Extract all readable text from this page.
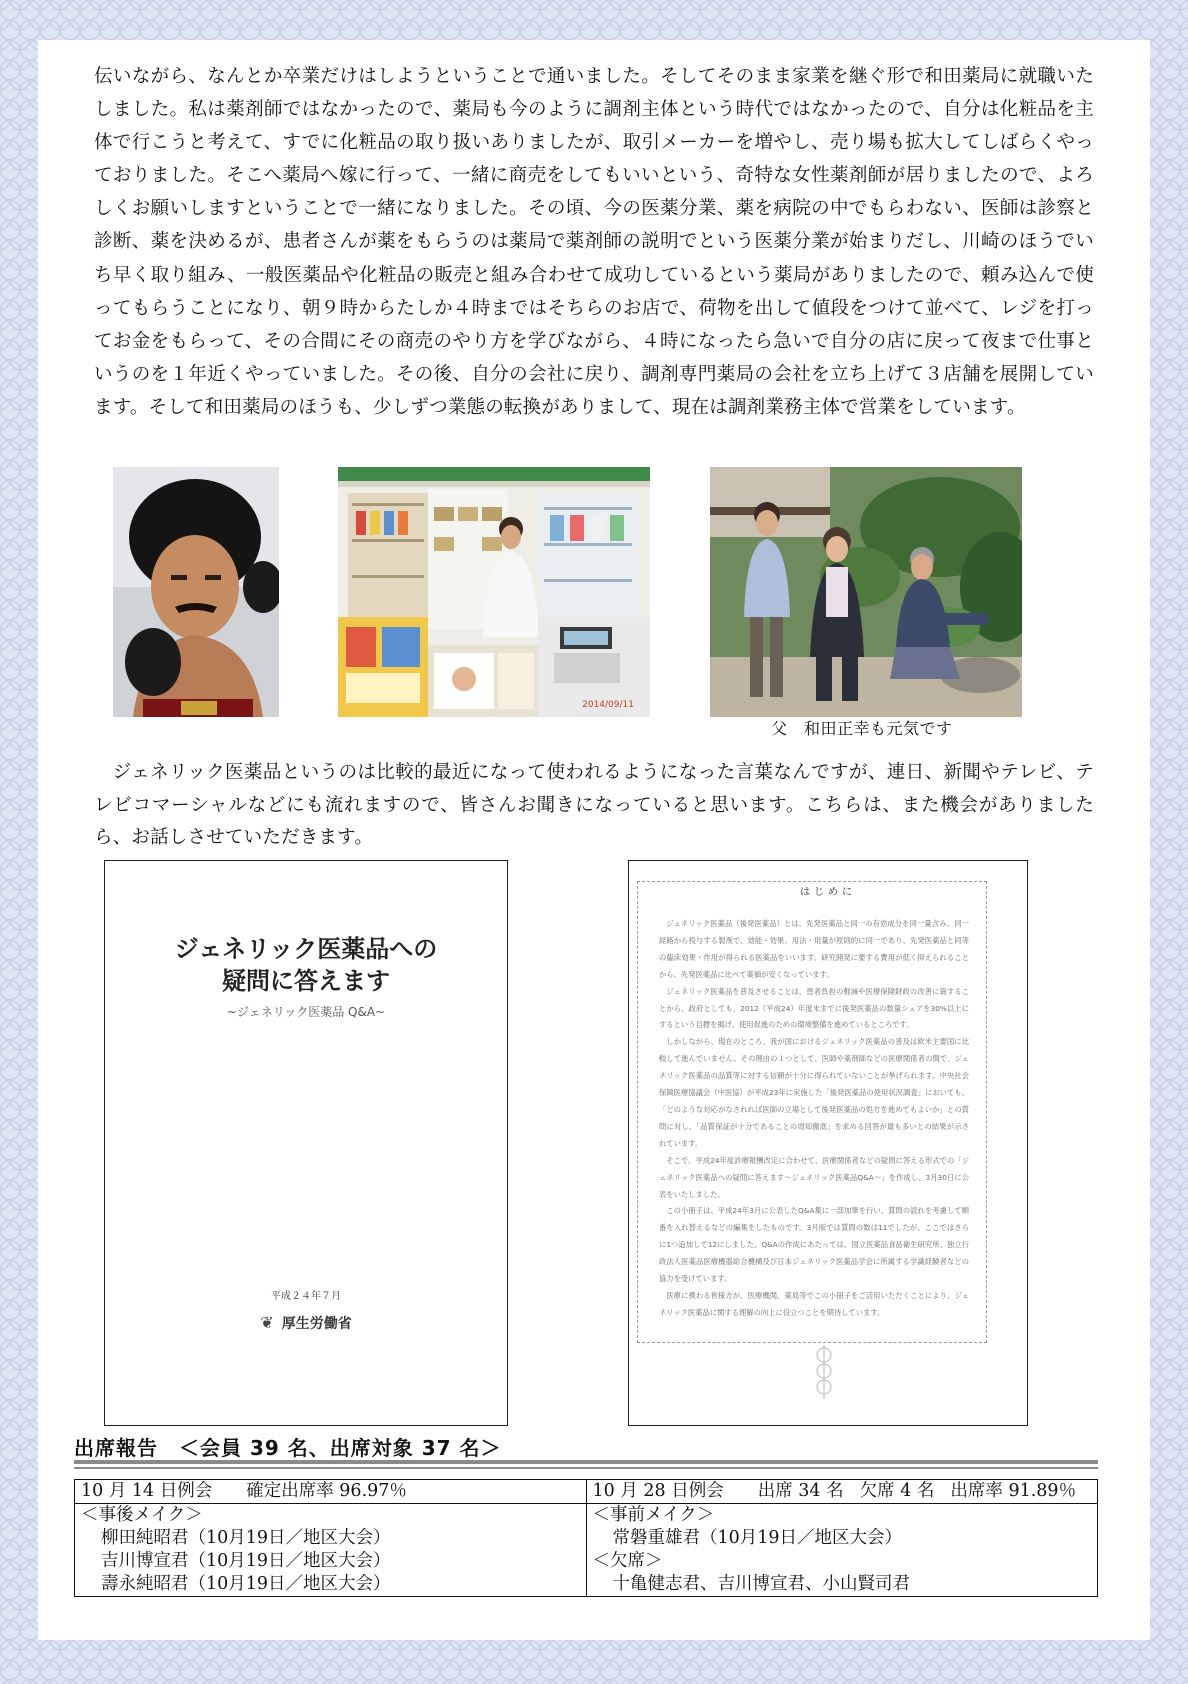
伝いながら、なんとか卒業だけはしようということで通いました。そしてそのまま家業を継ぐ形で和田薬局に就職いたしました。私は薬剤師ではなかったので、薬局も今のように調剤主体という時代ではなかったので、自分は化粧品を主体で行こうと考えて、すでに化粧品の取り扱いありましたが、取引メーカーを増やし、売り場も拡大してしばらくやっておりました。そこへ薬局へ嫁に行って、一緒に商売をしてもいいという、奇特な女性薬剤師が居りましたので、よろしくお願いしますということで一緒になりました。その頃、今の医薬分業、薬を病院の中でもらわない、医師は診察と診断、薬を決めるが、患者さんが薬をもらうのは薬局で薬剤師の説明でという医薬分業が始まりだし、川崎のほうでいち早く取り組み、一般医薬品や化粧品の販売と組み合わせて成功しているという薬局がありましたので、頼み込んで使ってもらうことになり、朝９時からたしか４時まではそちらのお店で、荷物を出して値段をつけて並べて、レジを打ってお金をもらって、その合間にその商売のやり方を学びながら、４時になったら急いで自分の店に戻って夜まで仕事というのを１年近くやっていました。その後、自分の会社に戻り、調剤専門薬局の会社を立ち上げて３店舗を展開しています。そして和田薬局のほうも、少しずつ業態の転換がありまして、現在は調剤業務主体で営業をしています。

2014/09/11
父　和田正幸も元気です

ジェネリック医薬品というのは比較的最近になって使われるようになった言葉なんですが、連日、新聞やテレビ、テレビコマーシャルなどにも流れますので、皆さんお聞きになっていると思います。こちらは、また機会がありましたら、お話しさせていただきます。

ジェネリック医薬品への
疑問に答えます
~ジェネリック医薬品 Q&A~
平成２４年７月
❦ 厚生労働省
はじめに

ジェネリック医薬品（後発医薬品）とは、先発医薬品と同一の有効成分を同一量含み、同一経路から投与する製剤で、効能・効果、用法・用量が原則的に同一であり、先発医薬品と同等の臨床効果・作用が得られる医薬品をいいます。研究開発に要する費用が低く抑えられることから、先発医薬品に比べて薬価が安くなっています。

ジェネリック医薬品を普及させることは、患者負担の軽減や医療保険財政の改善に資することから、政府としても、2012（平成24）年度末までに後発医薬品の数量シェアを30%以上にするという目標を掲げ、使用促進のための環境整備を進めているところです。

しかしながら、現在のところ、我が国におけるジェネリック医薬品の普及は欧米主要国に比較して進んでいません。その理由の１つとして、医師や薬剤師などの医療関係者の間で、ジェネリック医薬品の品質等に対する信頼が十分に得られていないことが挙げられます。中央社会保険医療協議会（中医協）が平成23年に実施した「後発医薬品の使用状況調査」においても、「どのような対応がなされれば医師の立場として後発医薬品の処方を進めてもよいか」との質問に対し、「品質保証が十分であることの周知徹底」を求める回答が最も多いとの結果が示されています。

そこで、平成24年度診療報酬改定に合わせて、医療関係者などの疑問に答える形式での「ジェネリック医薬品への疑問に答えます～ジェネリック医薬品Q&A～」を作成し、3月30日に公表をいたしました。

この小冊子は、平成24年3月に公表したQ&A集に一部加筆を行い、質問の読れを考慮して順番を入れ替えるなどの編集をしたものです。3月版では質問の数は11でしたが、ここではさらに1つ追加して12にしました。Q&Aの作成にあたっては、国立医薬品食品衛生研究所、独立行政法人医薬品医療機器総合機構及び日本ジェネリック医薬品学会に所属する学識経験者などの協力を受けています。

医療に携わる皆様方が、医療機関、薬局等でこの小冊子をご活用いただくことにより、ジェネリック医薬品に関する理解の向上に役立つことを期待しています。

出席報告　＜会員 39 名、出席対象 37 名＞
10 月 14 日例会 確定出席率 96.97％	10 月 28 日例会 出席 34 名 欠席 4 名 出席率 91.89％

＜事後メイク＞
柳田純昭君（10月19日／地区大会）
吉川博宣君（10月19日／地区大会）
壽永純昭君（10月19日／地区大会）	＜事前メイク＞
常磐重雄君（10月19日／地区大会）
＜欠席＞
十亀健志君、吉川博宣君、小山賢司君
